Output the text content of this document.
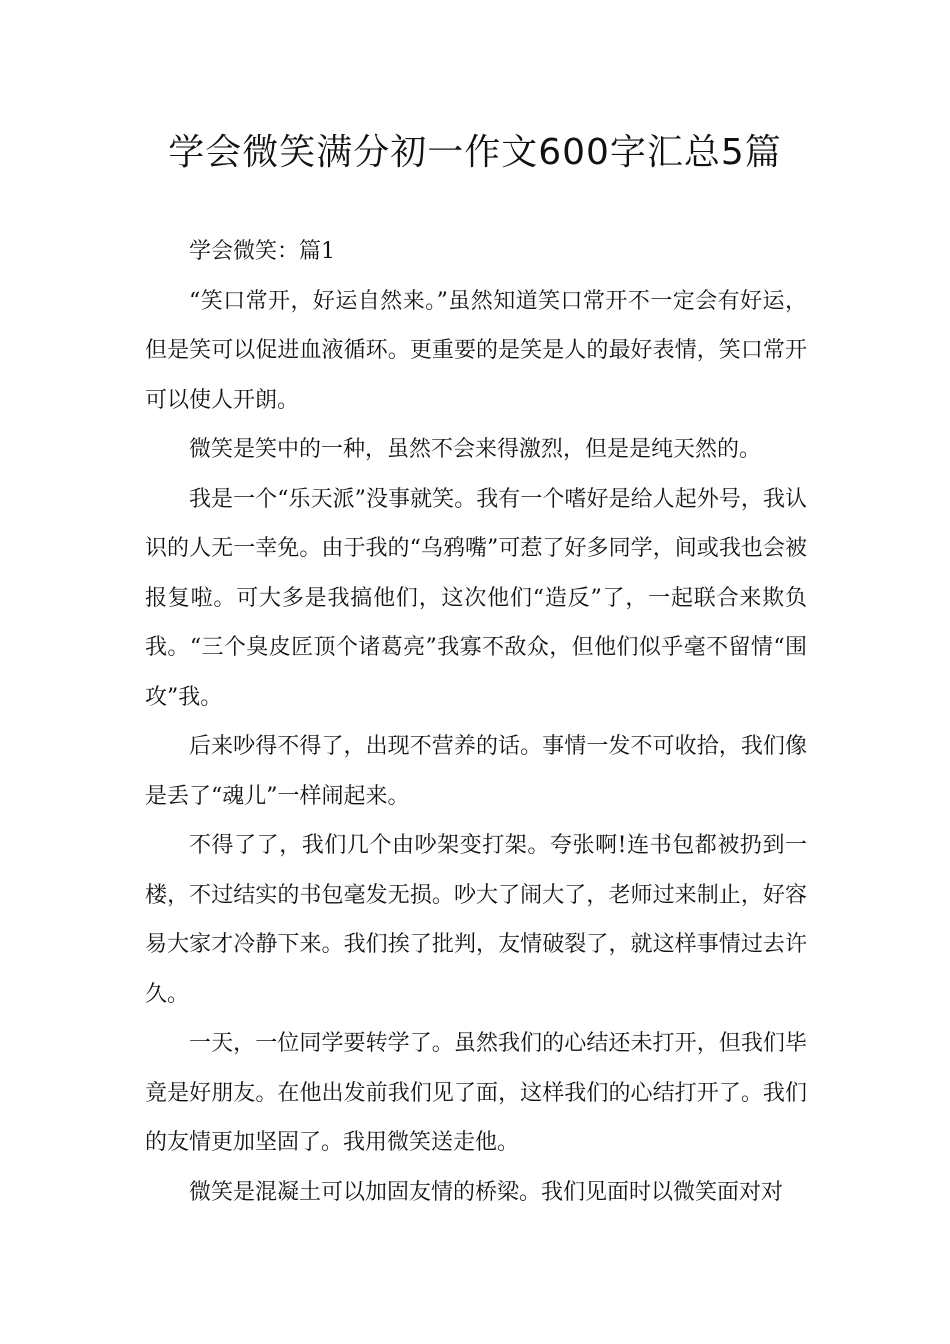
学会微笑满分初一作文600字汇总5篇

学会微笑：篇1

“笑口常开，好运自然来。”虽然知道笑口常开不一定会有好运，但是笑可以促进血液循环。更重要的是笑是人的最好表情，笑口常开可以使人开朗。

微笑是笑中的一种，虽然不会来得激烈，但是是纯天然的。

我是一个“乐天派”没事就笑。我有一个嗜好是给人起外号，我认识的人无一幸免。由于我的“乌鸦嘴”可惹了好多同学，间或我也会被报复啦。可大多是我搞他们，这次他们“造反”了，一起联合来欺负我。“三个臭皮匠顶个诸葛亮”我寡不敌众，但他们似乎毫不留情“围攻”我。

后来吵得不得了，出现不营养的话。事情一发不可收拾，我们像是丢了“魂儿”一样闹起来。

不得了了，我们几个由吵架变打架。夸张啊!连书包都被扔到一楼，不过结实的书包毫发无损。吵大了闹大了，老师过来制止，好容易大家才冷静下来。我们挨了批判，友情破裂了，就这样事情过去许久。

一天，一位同学要转学了。虽然我们的心结还未打开，但我们毕竟是好朋友。在他出发前我们见了面，这样我们的心结打开了。我们的友情更加坚固了。我用微笑送走他。

微笑是混凝土可以加固友情的桥梁。我们见面时以微笑面对对
